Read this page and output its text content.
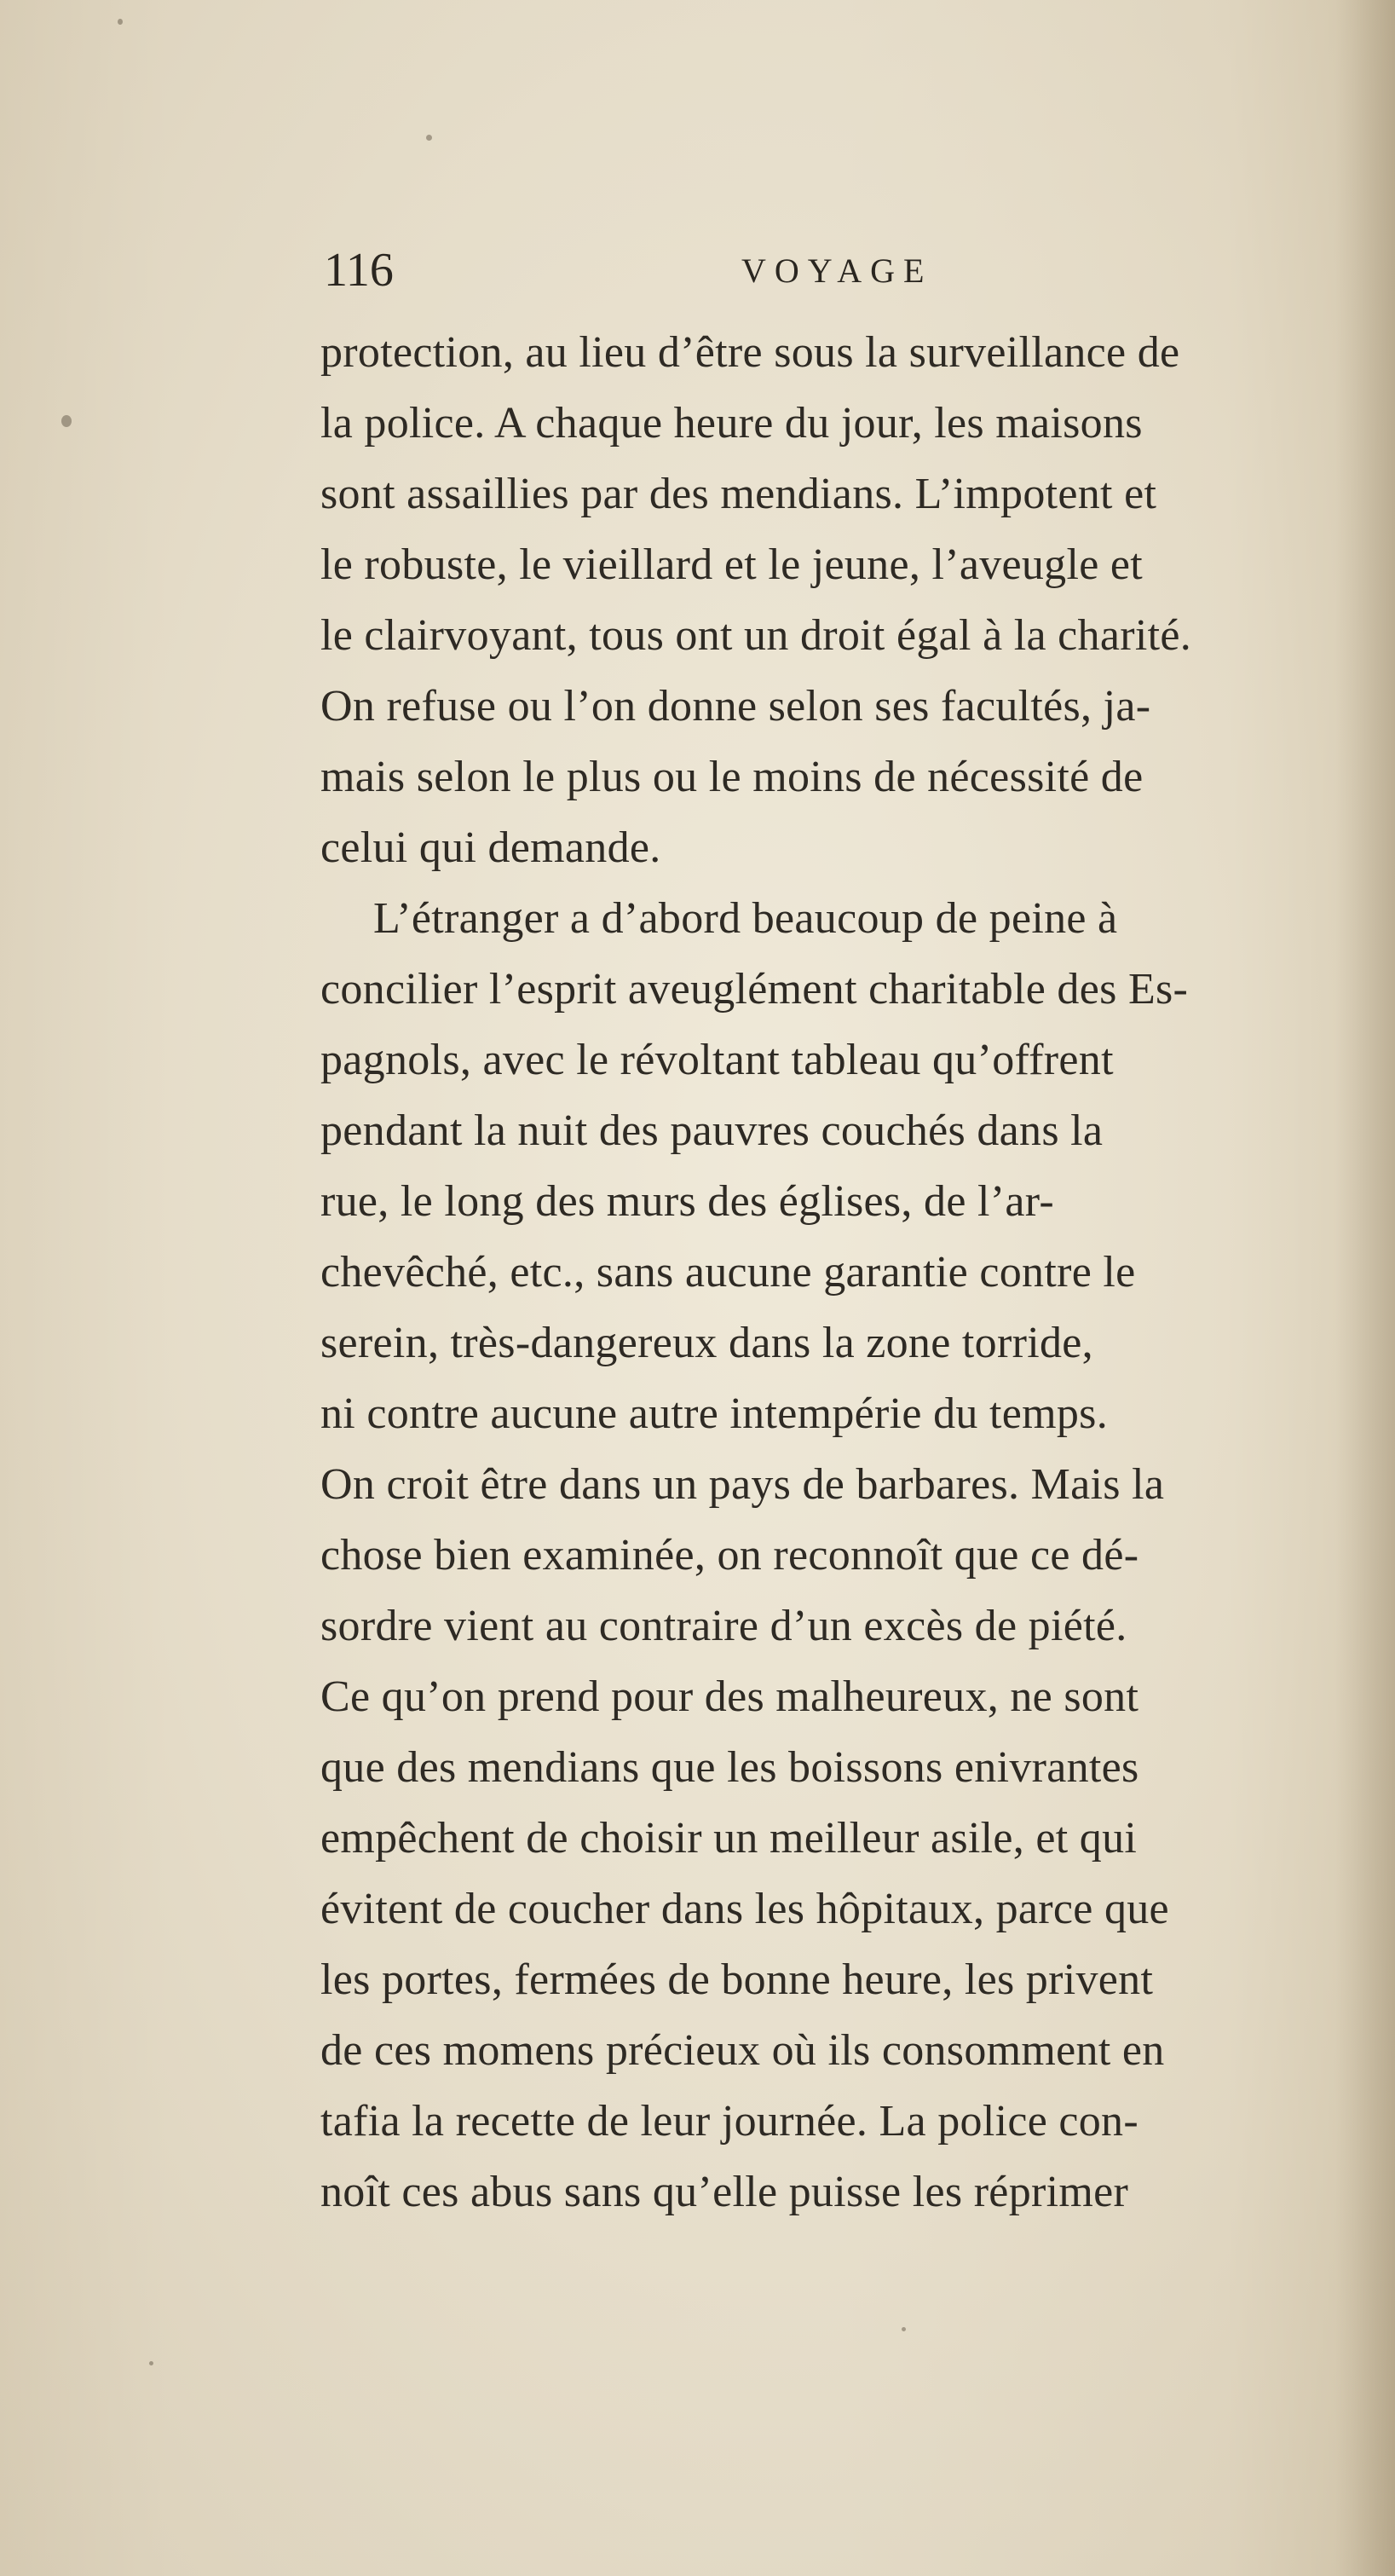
116	VOYAGE
protection, au lieu d’être sous la surveillance de
la police. A chaque heure du jour, les maisons
sont assaillies par des mendians. L’impotent et
le robuste, le vieillard et le jeune, l’aveugle et
le clairvoyant, tous ont un droit égal à la charité.
On refuse ou l’on donne selon ses facultés, ja-
mais selon le plus ou le moins de nécessité de
celui qui demande.
L’étranger a d’abord beaucoup de peine à
concilier l’esprit aveuglément charitable des Es-
pagnols, avec le révoltant tableau qu’offrent
pendant la nuit des pauvres couchés dans la
rue, le long des murs des églises, de l’ar-
chevêché, etc., sans aucune garantie contre le
serein, très-dangereux dans la zone torride,
ni contre aucune autre intempérie du temps.
On croit être dans un pays de barbares. Mais la
chose bien examinée, on reconnoît que ce dé-
sordre vient au contraire d’un excès de piété.
Ce qu’on prend pour des malheureux, ne sont
que des mendians que les boissons enivrantes
empêchent de choisir un meilleur asile, et qui
évitent de coucher dans les hôpitaux, parce que
les portes, fermées de bonne heure, les privent
de ces momens précieux où ils consomment en
tafia la recette de leur journée. La police con-
noît ces abus sans qu’elle puisse les réprimer
